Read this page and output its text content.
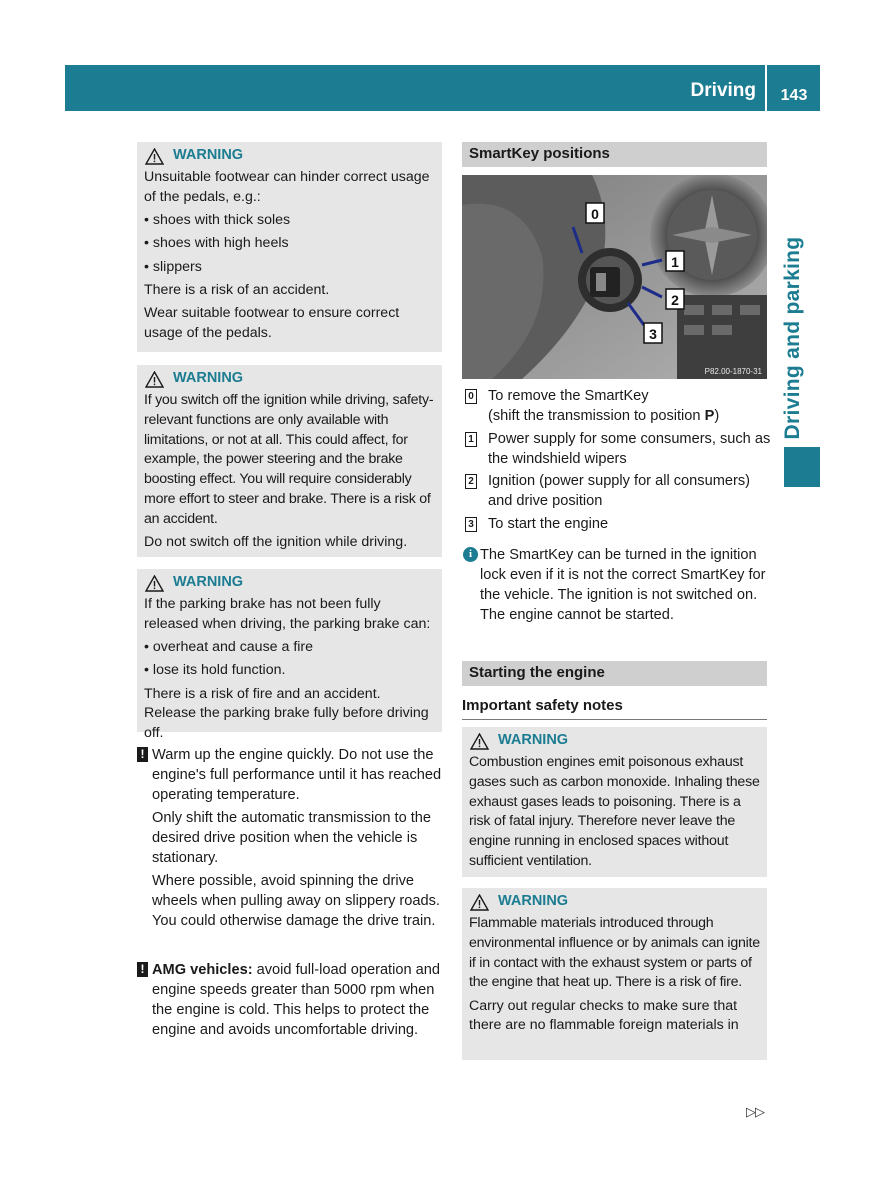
Driving	143
Driving and parking
WARNING

Unsuitable footwear can hinder correct usage of the pedals, e.g.:

• shoes with thick soles

• shoes with high heels

• slippers

There is a risk of an accident.

Wear suitable footwear to ensure correct usage of the pedals.

WARNING

If you switch off the ignition while driving, safety-relevant functions are only available with limitations, or not at all. This could affect, for example, the power steering and the brake boosting effect. You will require considerably more effort to steer and brake. There is a risk of an accident.

Do not switch off the ignition while driving.

WARNING

If the parking brake has not been fully released when driving, the parking brake can:

• overheat and cause a fire

• lose its hold function.

There is a risk of fire and an accident. Release the parking brake fully before driving off.

! Warm up the engine quickly. Do not use the engine's full performance until it has reached operating temperature.

Only shift the automatic transmission to the desired drive position when the vehicle is stationary.

Where possible, avoid spinning the drive wheels when pulling away on slippery roads. You could otherwise damage the drive train.

! AMG vehicles: avoid full-load operation and engine speeds greater than 5000 rpm when the engine is cold. This helps to protect the engine and avoids uncomfortable driving.

SmartKey positions
0
1
2
3
P82.00-1870-31
0 To remove the SmartKey
(shift the transmission to position P)
1 Power supply for some consumers, such as the windshield wipers
2 Ignition (power supply for all consumers) and drive position
3 To start the engine
i The SmartKey can be turned in the ignition lock even if it is not the correct SmartKey for the vehicle. The ignition is not switched on. The engine cannot be started.

Starting the engine
Important safety notes
WARNING

Combustion engines emit poisonous exhaust gases such as carbon monoxide. Inhaling these exhaust gases leads to poisoning. There is a risk of fatal injury. Therefore never leave the engine running in enclosed spaces without sufficient ventilation.

WARNING

Flammable materials introduced through environmental influence or by animals can ignite if in contact with the exhaust system or parts of the engine that heat up. There is a risk of fire.

Carry out regular checks to make sure that there are no flammable foreign materials in

▷▷
